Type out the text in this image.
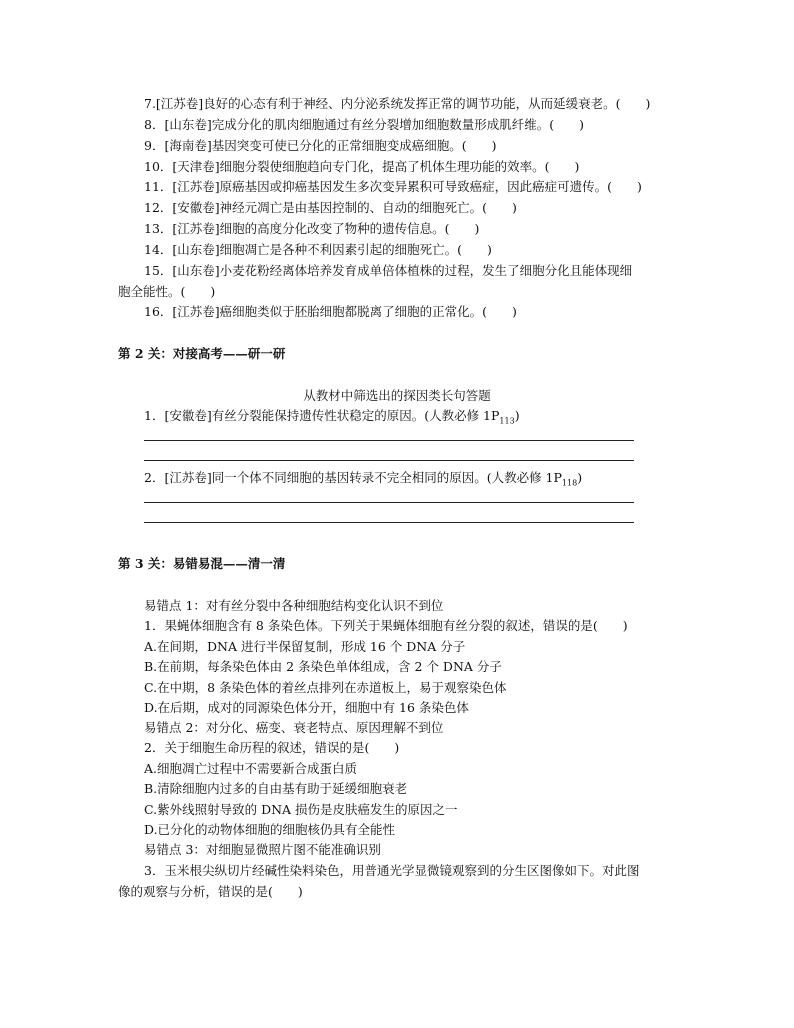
7.[江苏卷]良好的心态有利于神经、内分泌系统发挥正常的调节功能，从而延缓衰老。(　　)
8．[山东卷]完成分化的肌肉细胞通过有丝分裂增加细胞数量形成肌纤维。(　　)
9．[海南卷]基因突变可使已分化的正常细胞变成癌细胞。(　　)
10．[天津卷]细胞分裂使细胞趋向专门化，提高了机体生理功能的效率。(　　)
11．[江苏卷]原癌基因或抑癌基因发生多次变异累积可导致癌症，因此癌症可遗传。(　　)
12．[安徽卷]神经元凋亡是由基因控制的、自动的细胞死亡。(　　)
13．[江苏卷]细胞的高度分化改变了物种的遗传信息。(　　)
14．[山东卷]细胞凋亡是各种不利因素引起的细胞死亡。(　　)
15．[山东卷]小麦花粉经离体培养发育成单倍体植株的过程，发生了细胞分化且能体现细
胞全能性。(　　)
16．[江苏卷]癌细胞类似于胚胎细胞都脱离了细胞的正常化。(　　)
第 2 关：对接高考——研一研
从教材中筛选出的探因类长句答题
1．[安徽卷]有丝分裂能保持遗传性状稳定的原因。(人教必修 $1P_{113}$)
2．[江苏卷]同一个体不同细胞的基因转录不完全相同的原因。(人教必修 $1P_{118}$)
第 3 关：易错易混——清一清
易错点 1：对有丝分裂中各种细胞结构变化认识不到位
1．果蝇体细胞含有 8 条染色体。下列关于果蝇体细胞有丝分裂的叙述，错误的是(　　)
A.在间期，DNA 进行半保留复制，形成 16 个 DNA 分子
B.在前期，每条染色体由 2 条染色单体组成，含 2 个 DNA 分子
C.在中期，8 条染色体的着丝点排列在赤道板上，易于观察染色体
D.在后期，成对的同源染色体分开，细胞中有 16 条染色体
易错点 2：对分化、癌变、衰老特点、原因理解不到位
2．关于细胞生命历程的叙述，错误的是(　　)
A.细胞凋亡过程中不需要新合成蛋白质
B.清除细胞内过多的自由基有助于延缓细胞衰老
C.紫外线照射导致的 DNA 损伤是皮肤癌发生的原因之一
D.已分化的动物体细胞的细胞核仍具有全能性
易错点 3：对细胞显微照片图不能准确识别
3．玉米根尖纵切片经碱性染料染色，用普通光学显微镜观察到的分生区图像如下。对此图
像的观察与分析，错误的是(　　)
